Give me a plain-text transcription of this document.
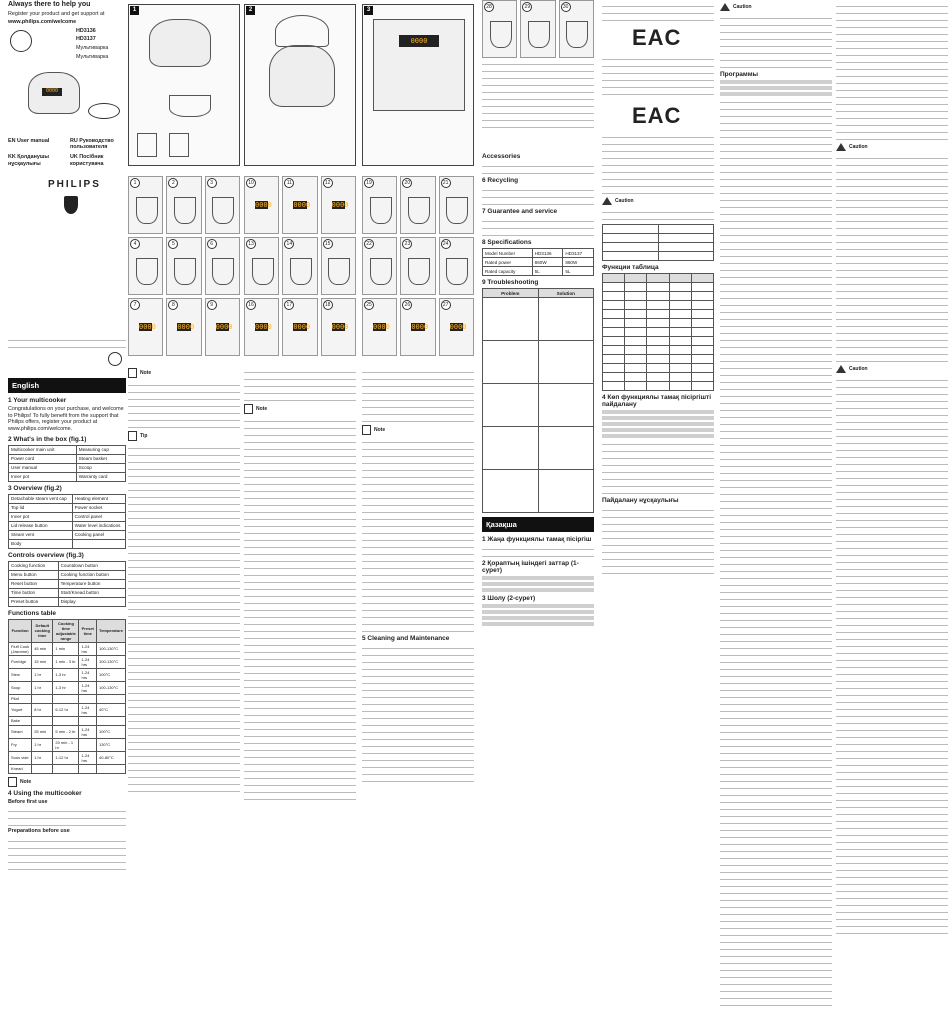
Always there to help you
Register your product and get support at
www.philips.com/welcome
HD3136
HD3137
Мультиварка
Мультиварка
0000
EN User manual	RU Руководство пользователя
KK Қолданушы нұсқаулығы
UK Посібник користувача
PHILIPS
English
1 Your multicooker
Congratulations on your purchase, and welcome to Philips! To fully benefit from the support that Philips offers, register your product at www.philips.com/welcome.
2 What's in the box (fig.1)
Multicooker main unit	Measuring cup
Power cord	Steam basket
User manual	Scoop
Inner pot	Warranty card
3 Overview (fig.2)
Detachable steam vent cap	Heating element
Top lid	Power socket
Inner pot	Control panel
Lid release button	Water level indications
Steam vent	Cooking panel
Body	
Controls overview (fig.3)
Cooking function	Countdown button
Menu button	Cooking function button
Reset button	Temperature button
Time button	Start/Knead button
Preset button	Display
Functions table
Function	Default cooking time	Cooking time adjustable range	Preset time	Temperature
Fluff Cook (Jasmine)	45 min	1 min	1-24 hrs	100-130°C
Porridge	15 min	1 min - 3 hr	1-24 hrs	100-130°C
Stew	1 hr	1-3 hr	1-24 hrs	100°C
Soup	1 hr	1-3 hr	1-24 hrs	100-130°C
Pilaf				
Yogurt	8 hr	6-12 hr	1-24 hrs	40°C
Bake				
Steam	25 min	5 min - 2 hr	1-24 hrs	100°C
Fry	1 hr	20 min - 1 hr		130°C
Sous vide	1 hr	1-12 hr	1-24 hrs	40-80°C
Knead				
Note
4 Using the multicooker
Before first use
Preparations before use
1
1	2	3
4	5	6
7
0000
8
0000
9
0000
Note
Tip
2
10
0000
11
0000
12
0000
13	14	15
16
0000
17
0000
18
0000
Note
3
0000
19	20	21
22	23	24
25
0000
26
0000
27
0000
Note
5 Cleaning and Maintenance
28	29	30
Accessories
6 Recycling
7 Guarantee and service
8 Specifications
Model Number	HD3136	HD3137
Rated power	860W	860W
Rated capacity	5L	5L
9 Troubleshooting
Problem	Solution

Қазақша
1 Жаңа функциялы тамақ пісіргіш
2 Қораптың ішіндегі заттар (1-сурет)
3 Шолу (2-сурет)
EAC
EAC
Caution

Функции таблица

4 Көп функциялы тамақ пісіргішті пайдалану
Пайдалану нұсқаулығы
Caution
Программы
Caution
Caution
